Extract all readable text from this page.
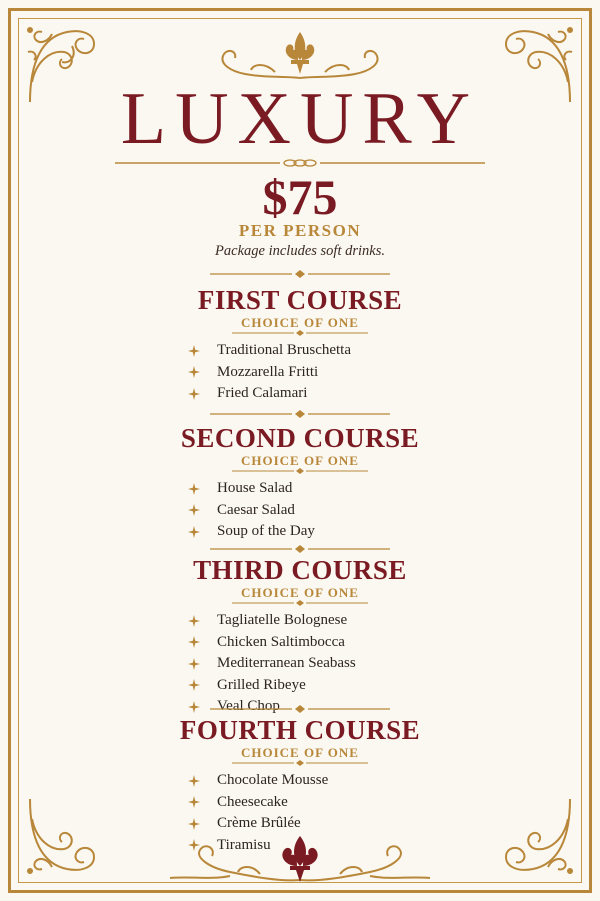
LUXURY
$75
PER PERSON
Package includes soft drinks.
FIRST COURSE
CHOICE OF ONE
Traditional Bruschetta
Mozzarella Fritti
Fried Calamari
SECOND COURSE
CHOICE OF ONE
House Salad
Caesar Salad
Soup of the Day
THIRD COURSE
CHOICE OF ONE
Tagliatelle Bolognese
Chicken Saltimbocca
Mediterranean Seabass
Grilled Ribeye
Veal Chop
FOURTH COURSE
CHOICE OF ONE
Chocolate Mousse
Cheesecake
Crème Brûlée
Tiramisu
